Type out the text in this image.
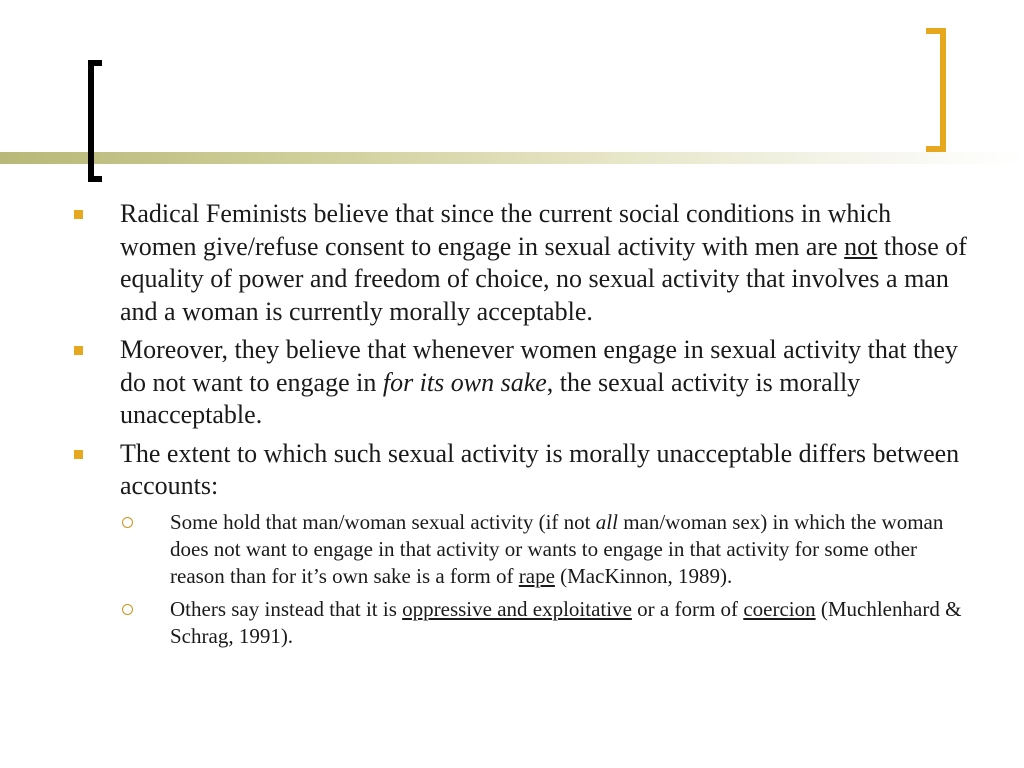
Radical Feminists believe that since the current social conditions in which women give/refuse consent to engage in sexual activity with men are not those of equality of power and freedom of choice, no sexual activity that involves a man and a woman is currently morally acceptable.
Moreover, they believe that whenever women engage in sexual activity that they do not want to engage in for its own sake, the sexual activity is morally unacceptable.
The extent to which such sexual activity is morally unacceptable differs between accounts:
Some hold that man/woman sexual activity (if not all man/woman sex) in which the woman does not want to engage in that activity or wants to engage in that activity for some other reason than for it’s own sake is a form of rape (MacKinnon, 1989).
Others say instead that it is oppressive and exploitative or a form of coercion (Muchlenhard & Schrag, 1991).
